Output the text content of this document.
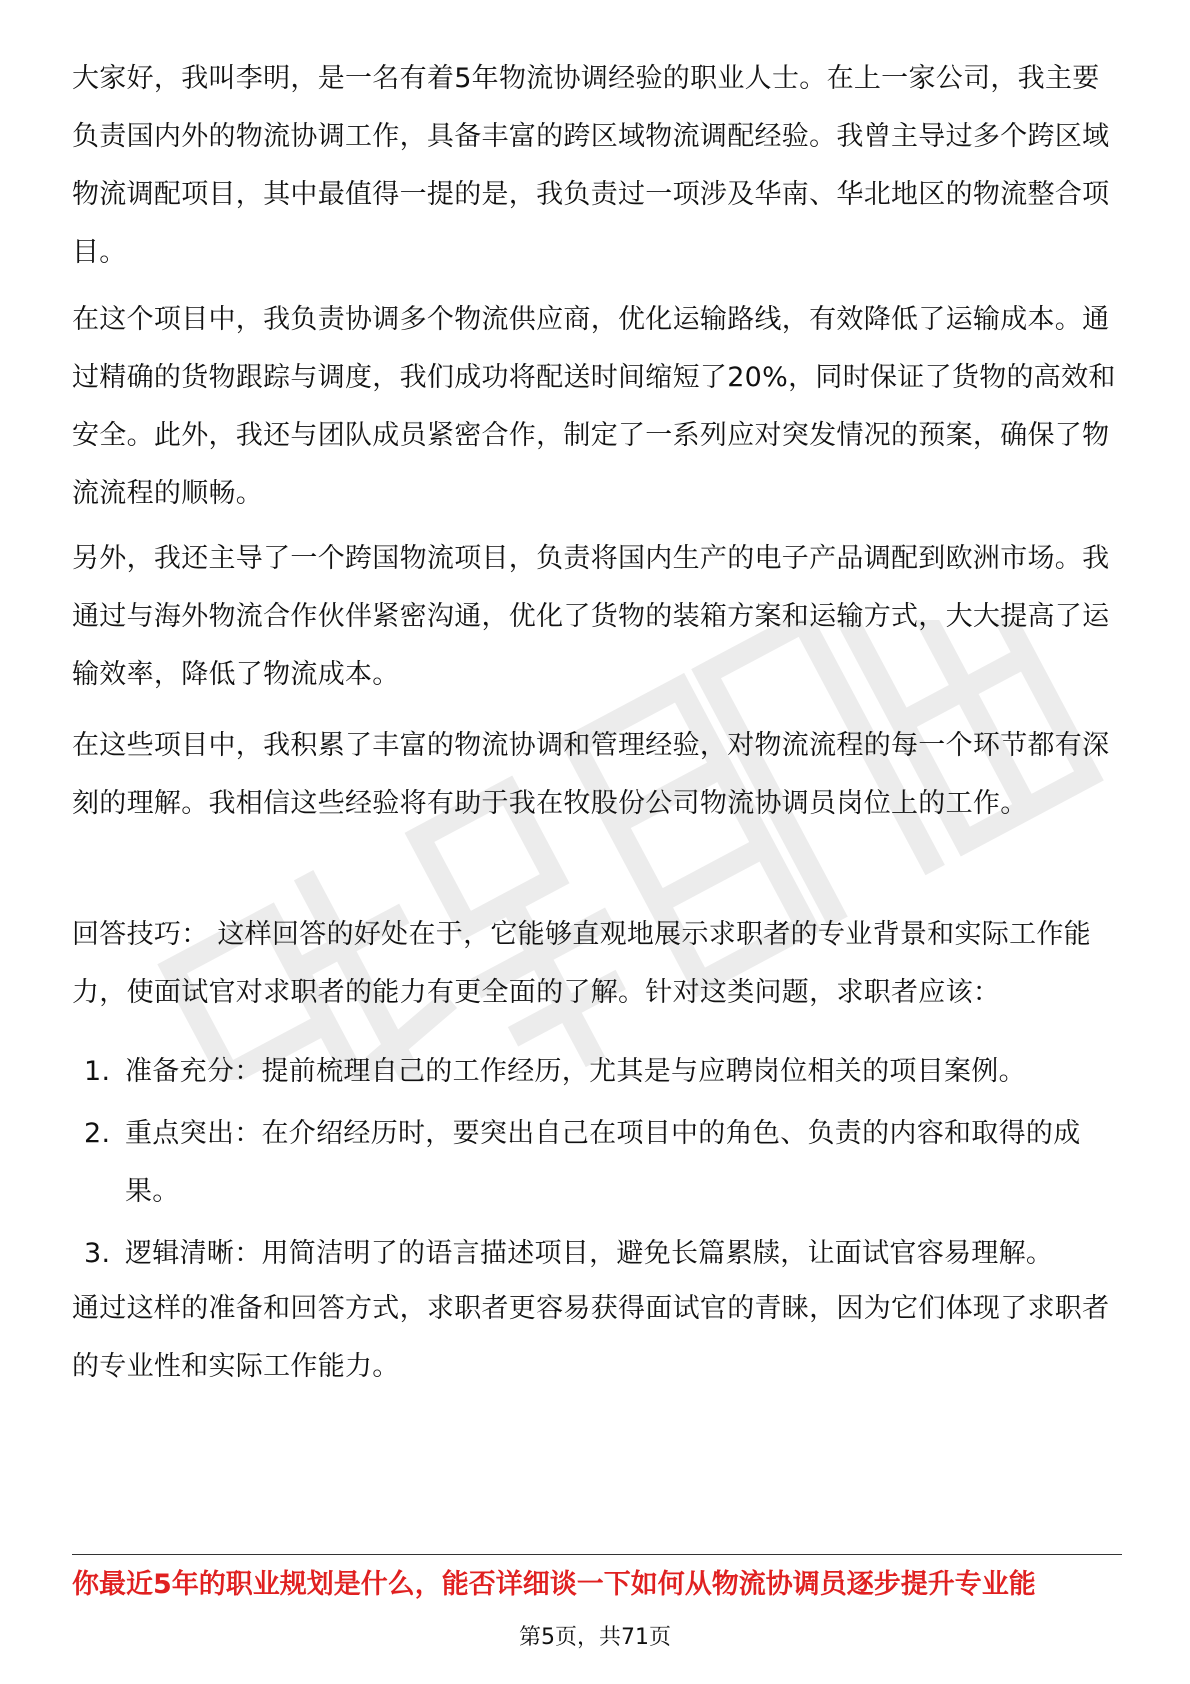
大家好，我叫李明，是一名有着5年物流协调经验的职业人士。在上一家公司，我主要负责国内外的物流协调工作，具备丰富的跨区域物流调配经验。我曾主导过多个跨区域物流调配项目，其中最值得一提的是，我负责过一项涉及华南、华北地区的物流整合项目。

在这个项目中，我负责协调多个物流供应商，优化运输路线，有效降低了运输成本。通过精确的货物跟踪与调度，我们成功将配送时间缩短了20%，同时保证了货物的高效和安全。此外，我还与团队成员紧密合作，制定了一系列应对突发情况的预案，确保了物流流程的顺畅。

另外，我还主导了一个跨国物流项目，负责将国内生产的电子产品调配到欧洲市场。我通过与海外物流合作伙伴紧密沟通，优化了货物的装箱方案和运输方式，大大提高了运输效率，降低了物流成本。

在这些项目中，我积累了丰富的物流协调和管理经验，对物流流程的每一个环节都有深刻的理解。我相信这些经验将有助于我在牧股份公司物流协调员岗位上的工作。

回答技巧： 这样回答的好处在于，它能够直观地展示求职者的专业背景和实际工作能力，使面试官对求职者的能力有更全面的了解。针对这类问题，求职者应该：

1. 准备充分：提前梳理自己的工作经历，尤其是与应聘岗位相关的项目案例。
2. 重点突出：在介绍经历时，要突出自己在项目中的角色、负责的内容和取得的成果。
3. 逻辑清晰：用简洁明了的语言描述项目，避免长篇累牍，让面试官容易理解。

通过这样的准备和回答方式，求职者更容易获得面试官的青睐，因为它们体现了求职者的专业性和实际工作能力。

你最近5年的职业规划是什么，能否详细谈一下如何从物流协调员逐步提升专业能

第5页，共71页
